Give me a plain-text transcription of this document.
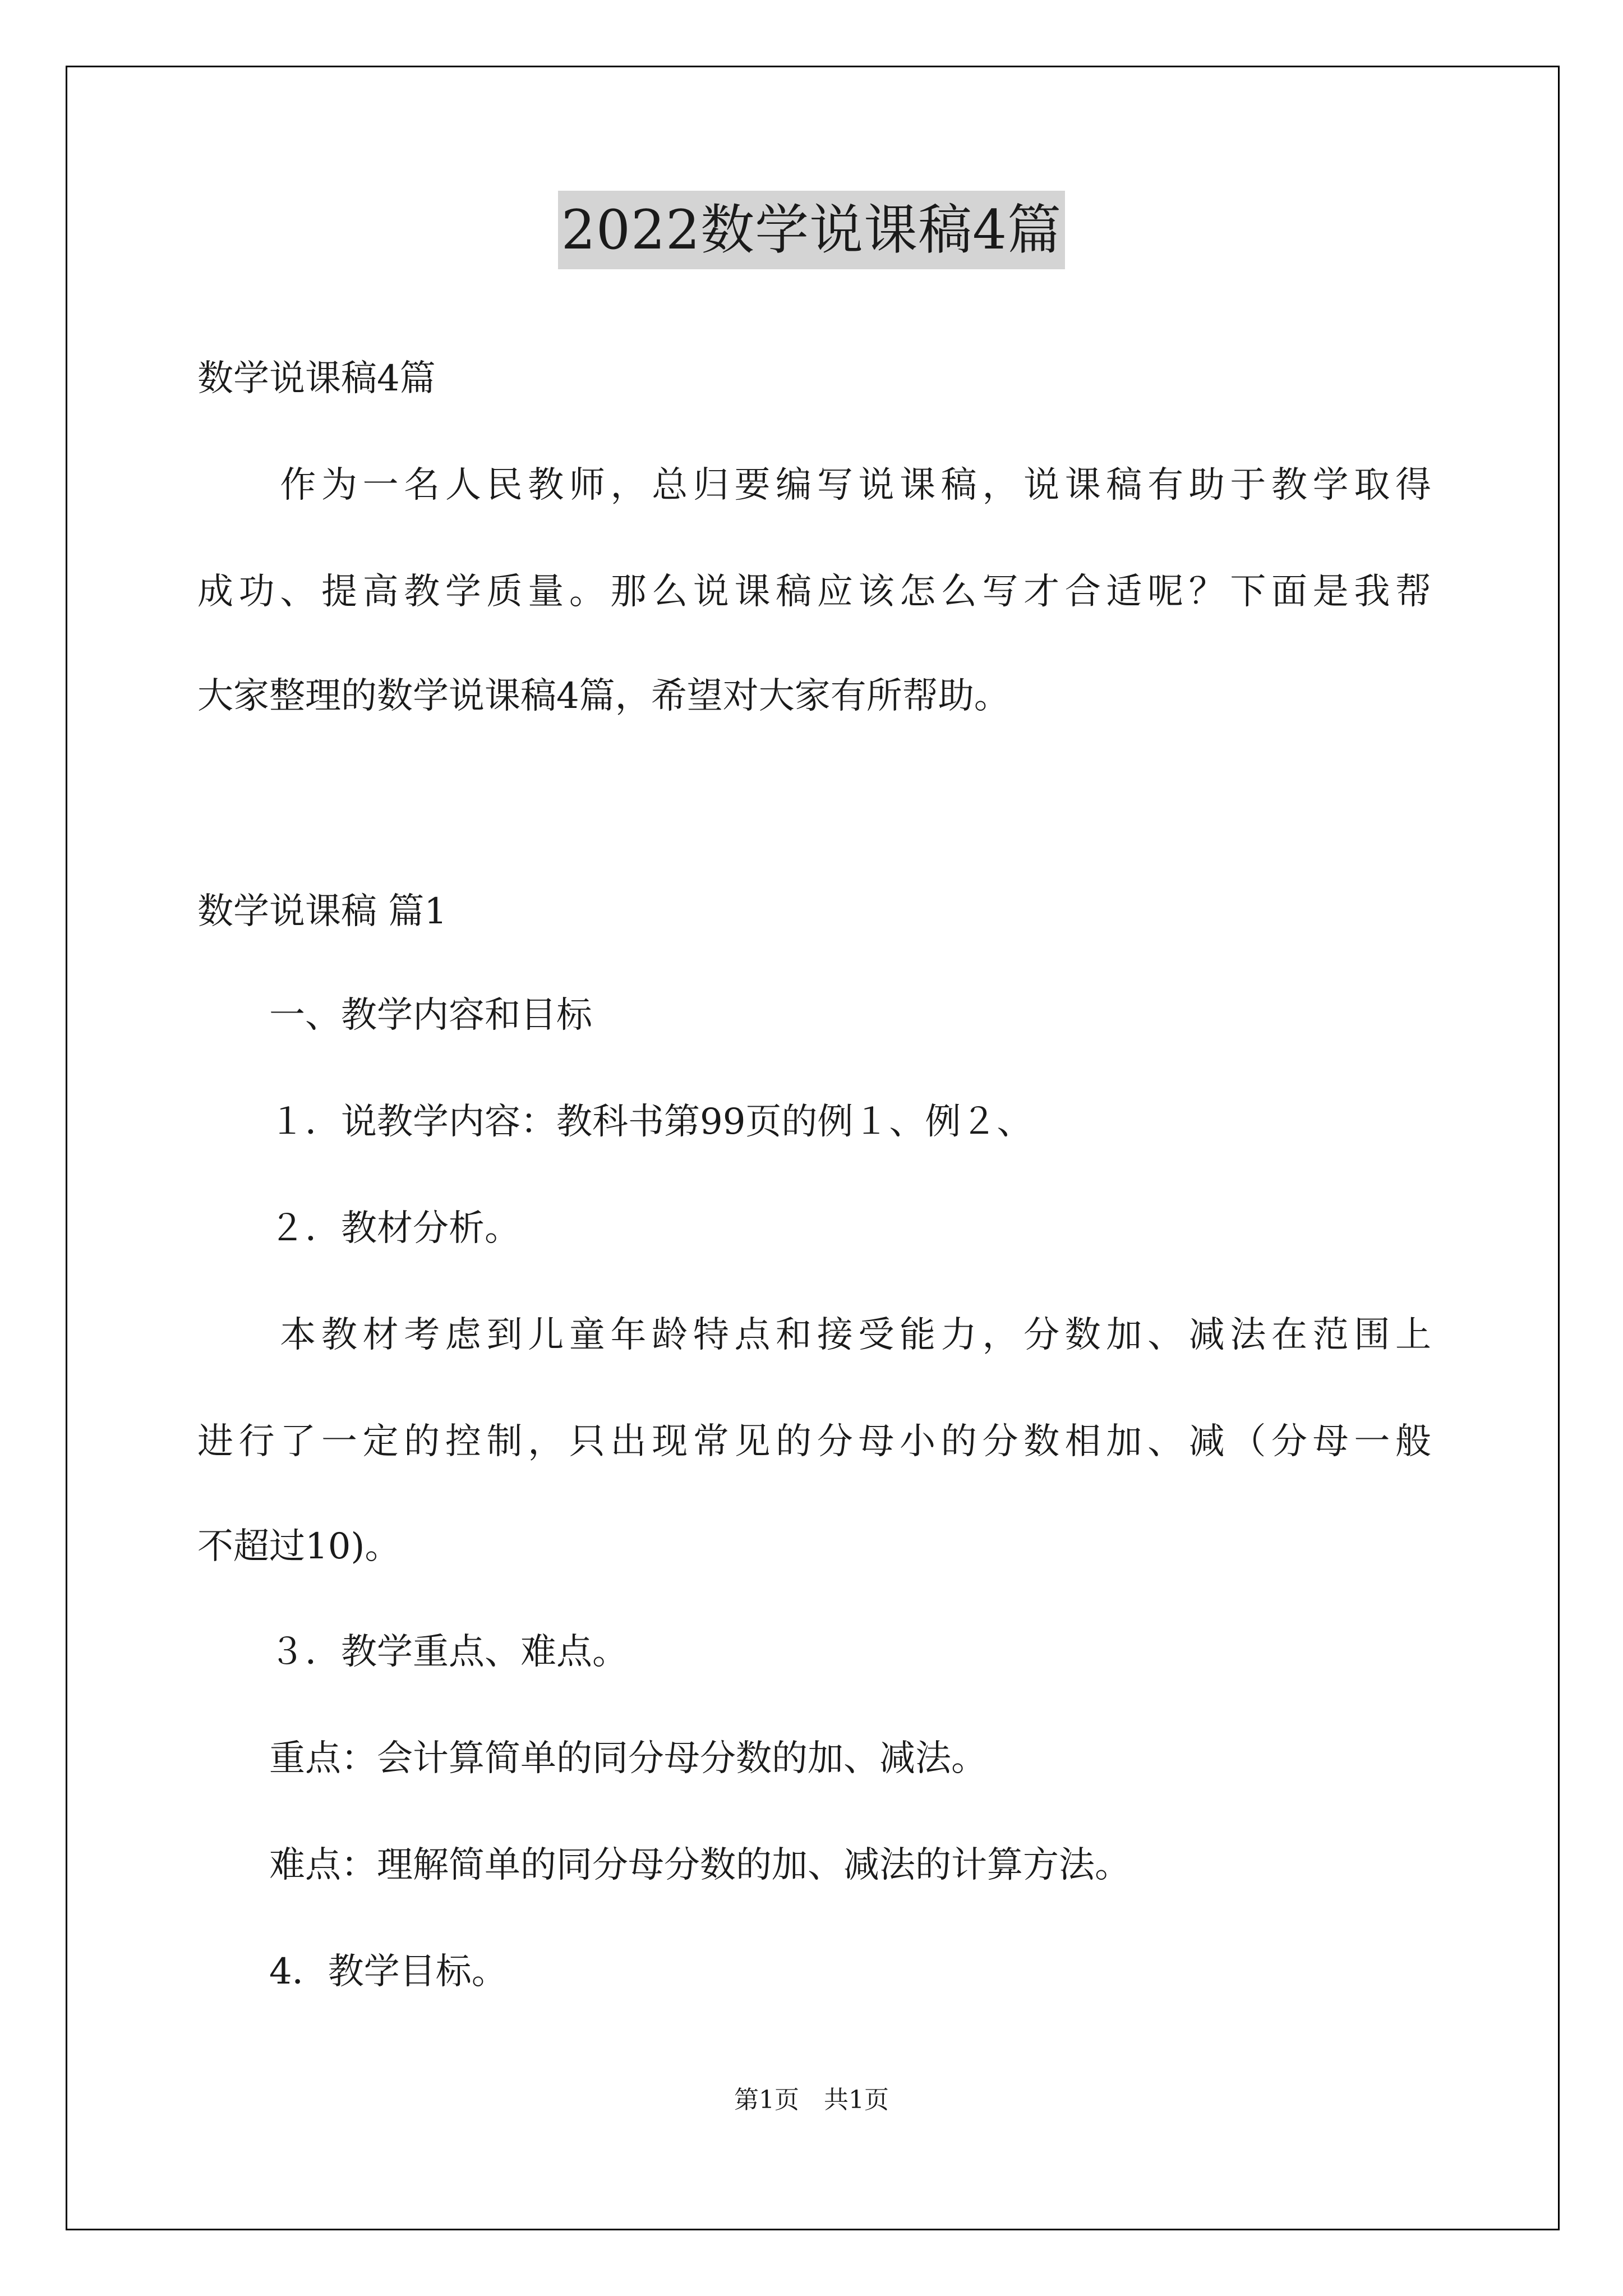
2022数学说课稿4篇
数学说课稿4篇
　　作为一名人民教师，总归要编写说课稿，说课稿有助于教学取得
成功、提高教学质量。那么说课稿应该怎么写才合适呢？下面是我帮
大家整理的数学说课稿4篇，希望对大家有所帮助。
数学说课稿 篇1
　　一、教学内容和目标
　　１．说教学内容：教科书第99页的例１、例２、
　　２．教材分析。
　　本教材考虑到儿童年龄特点和接受能力，分数加、减法在范围上
进行了一定的控制，只出现常见的分母小的分数相加、减（分母一般
不超过10)。
　　３．教学重点、难点。
　　重点：会计算简单的同分母分数的加、减法。
　　难点：理解简单的同分母分数的加、减法的计算方法。
　　4．教学目标。
第1页　共1页
